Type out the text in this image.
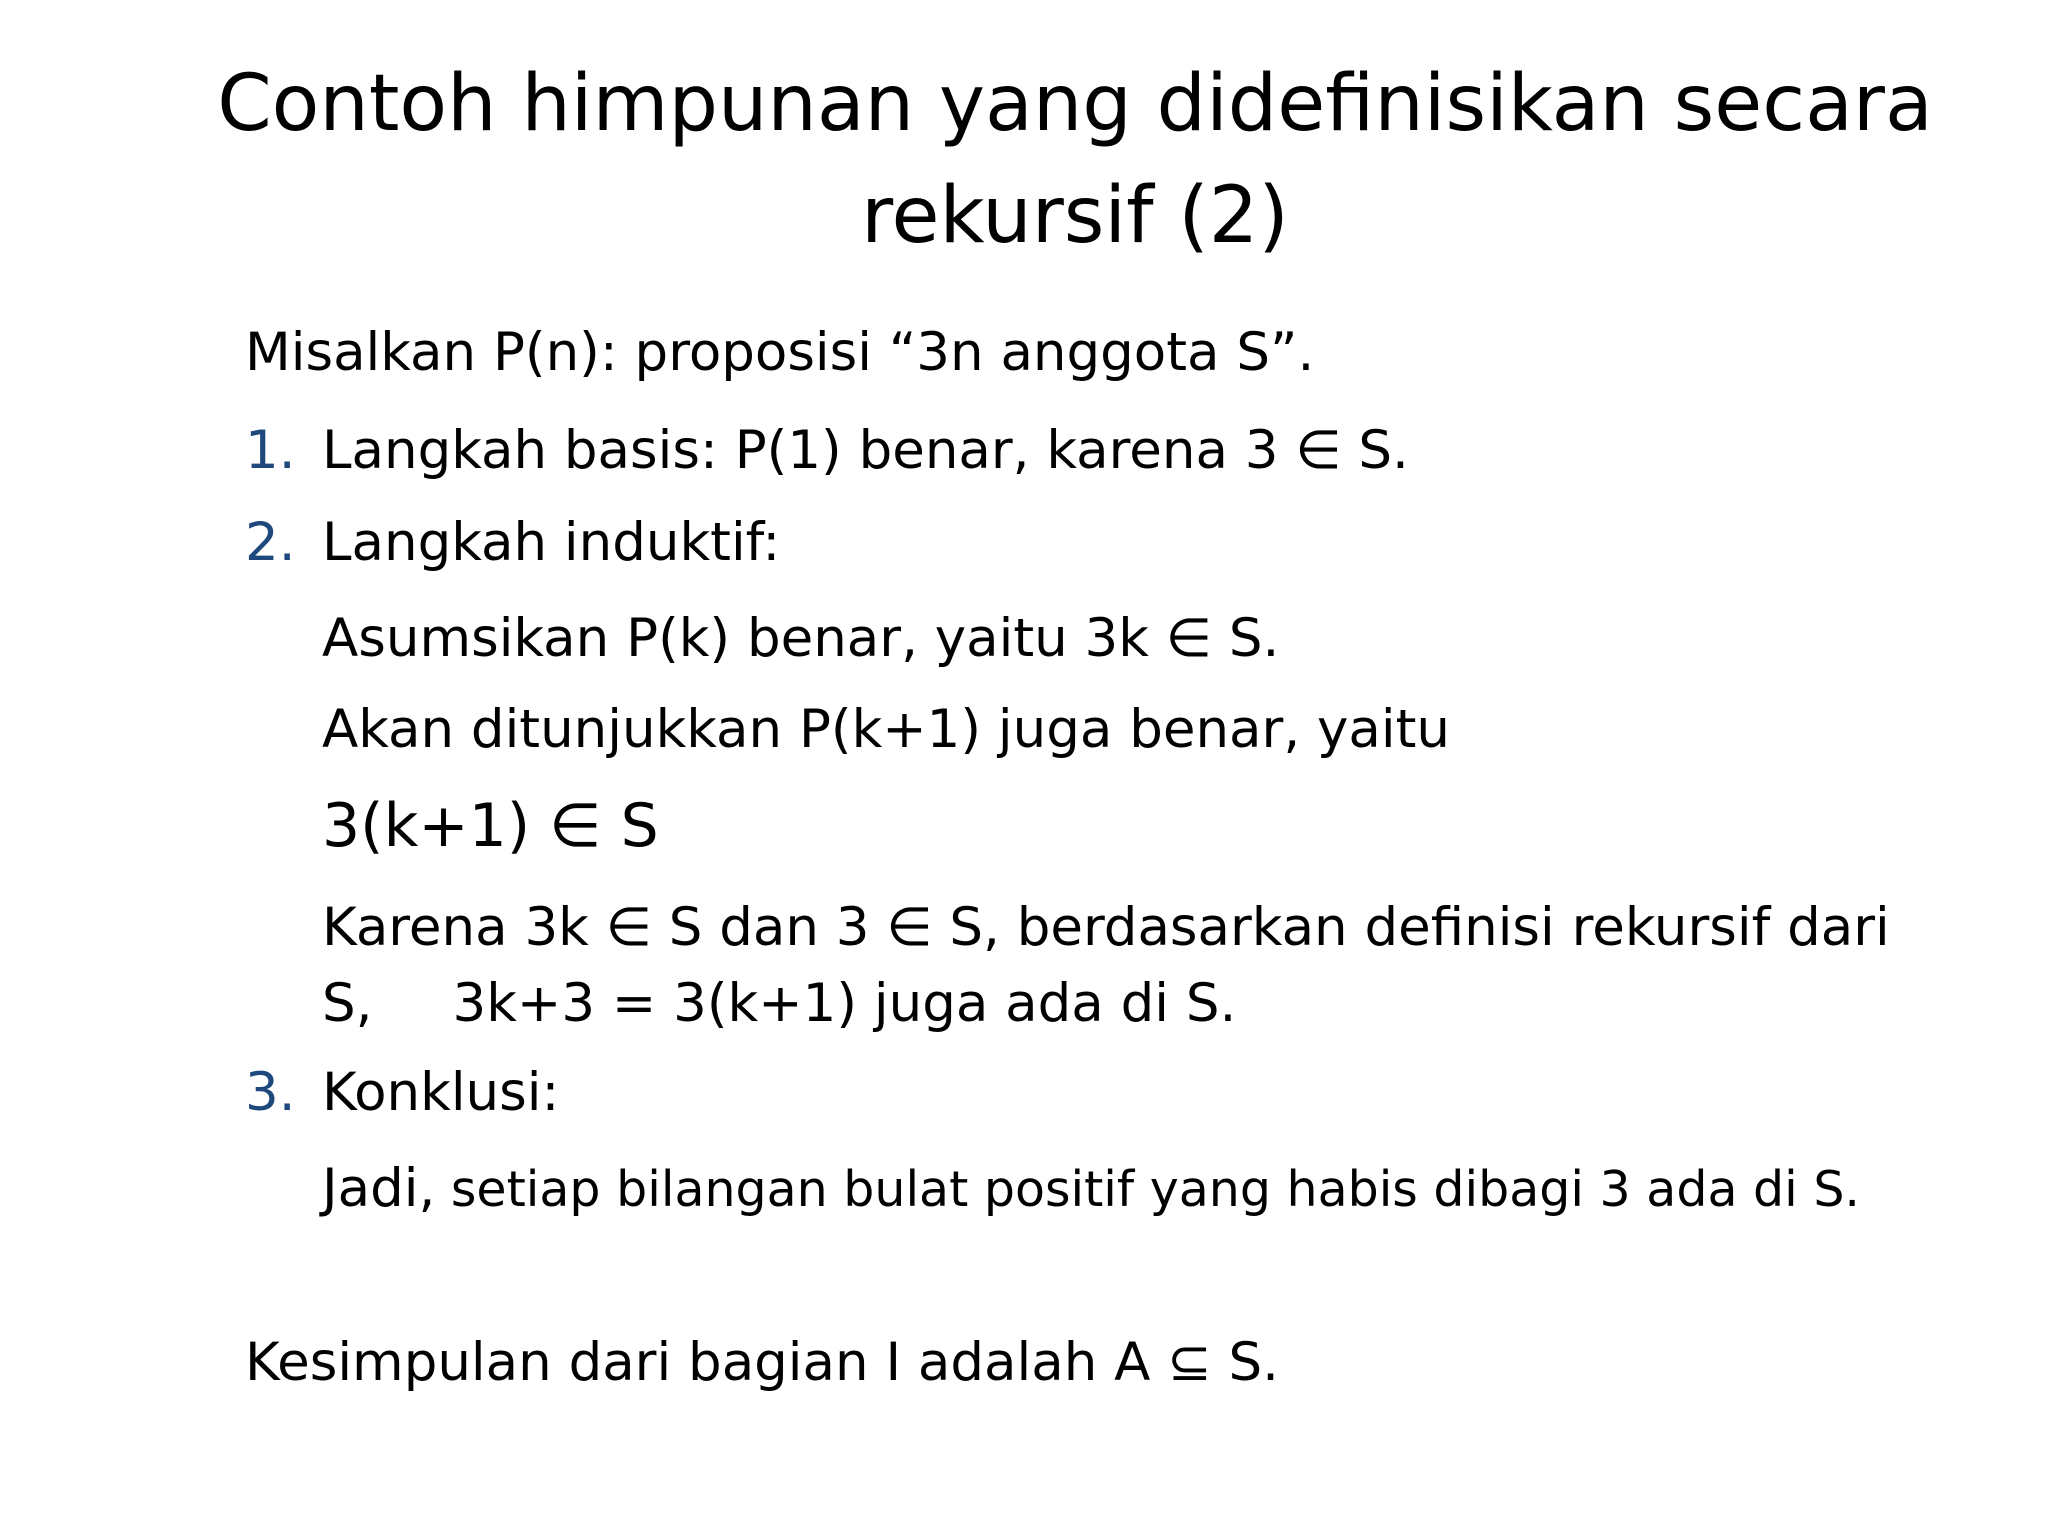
Contoh himpunan yang didefinisikan secara
rekursif (2)
Misalkan P(n): proposisi “3n anggota S”.
1. Langkah basis: P(1) benar, karena 3 ∈ S.
2. Langkah induktif:
Asumsikan P(k) benar, yaitu 3k ∈ S.
Akan ditunjukkan P(k+1) juga benar, yaitu
3(k+1) ∈ S
Karena 3k ∈ S dan 3 ∈ S, berdasarkan definisi rekursif dari
S, 3k+3 = 3(k+1) juga ada di S.
3. Konklusi:
Jadi, setiap bilangan bulat positif yang habis dibagi 3 ada di S.
Kesimpulan dari bagian I adalah A ⊆ S.
